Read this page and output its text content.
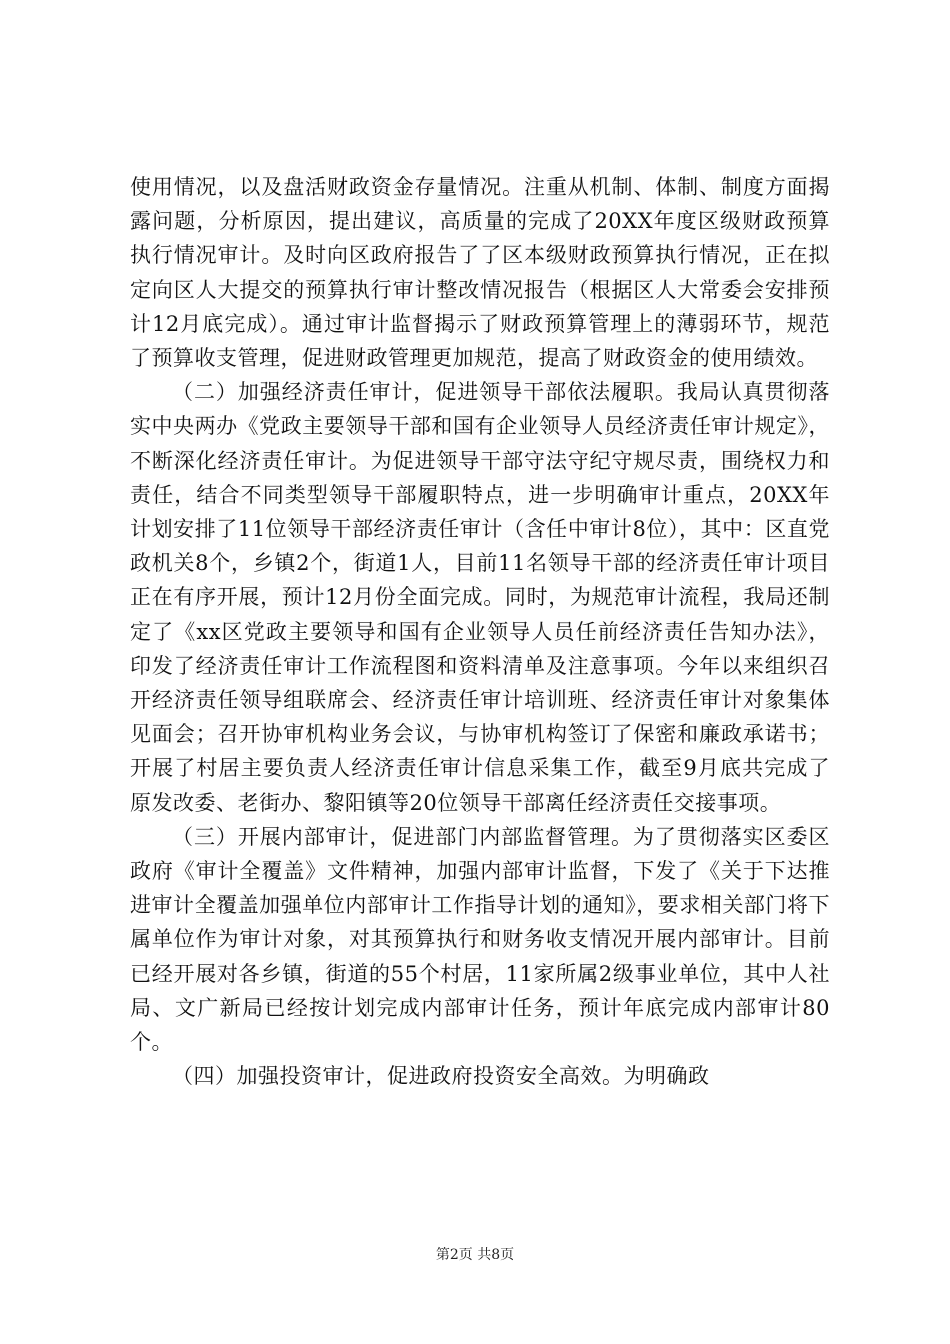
使用情况，以及盘活财政资金存量情况。注重从机制、体制、制度方面揭露问题，分析原因，提出建议，高质量的完成了20XX年度区级财政预算执行情况审计。及时向区政府报告了了区本级财政预算执行情况，正在拟定向区人大提交的预算执行审计整改情况报告（根据区人大常委会安排预计12月底完成）。通过审计监督揭示了财政预算管理上的薄弱环节，规范了预算收支管理，促进财政管理更加规范，提高了财政资金的使用绩效。

（二）加强经济责任审计，促进领导干部依法履职。我局认真贯彻落实中央两办《党政主要领导干部和国有企业领导人员经济责任审计规定》，不断深化经济责任审计。为促进领导干部守法守纪守规尽责，围绕权力和责任，结合不同类型领导干部履职特点，进一步明确审计重点，20XX年计划安排了11位领导干部经济责任审计（含任中审计8位），其中：区直党政机关8个，乡镇2个，街道1人，目前11名领导干部的经济责任审计项目正在有序开展，预计12月份全面完成。同时，为规范审计流程，我局还制定了《xx区党政主要领导和国有企业领导人员任前经济责任告知办法》，印发了经济责任审计工作流程图和资料清单及注意事项。今年以来组织召开经济责任领导组联席会、经济责任审计培训班、经济责任审计对象集体见面会；召开协审机构业务会议，与协审机构签订了保密和廉政承诺书；开展了村居主要负责人经济责任审计信息采集工作，截至9月底共完成了原发改委、老街办、黎阳镇等20位领导干部离任经济责任交接事项。

（三）开展内部审计，促进部门内部监督管理。为了贯彻落实区委区政府《审计全覆盖》文件精神，加强内部审计监督，下发了《关于下达推进审计全覆盖加强单位内部审计工作指导计划的通知》，要求相关部门将下属单位作为审计对象，对其预算执行和财务收支情况开展内部审计。目前已经开展对各乡镇，街道的55个村居，11家所属2级事业单位，其中人社局、文广新局已经按计划完成内部审计任务，预计年底完成内部审计80个。

（四）加强投资审计，促进政府投资安全高效。为明确政

第2页 共8页
